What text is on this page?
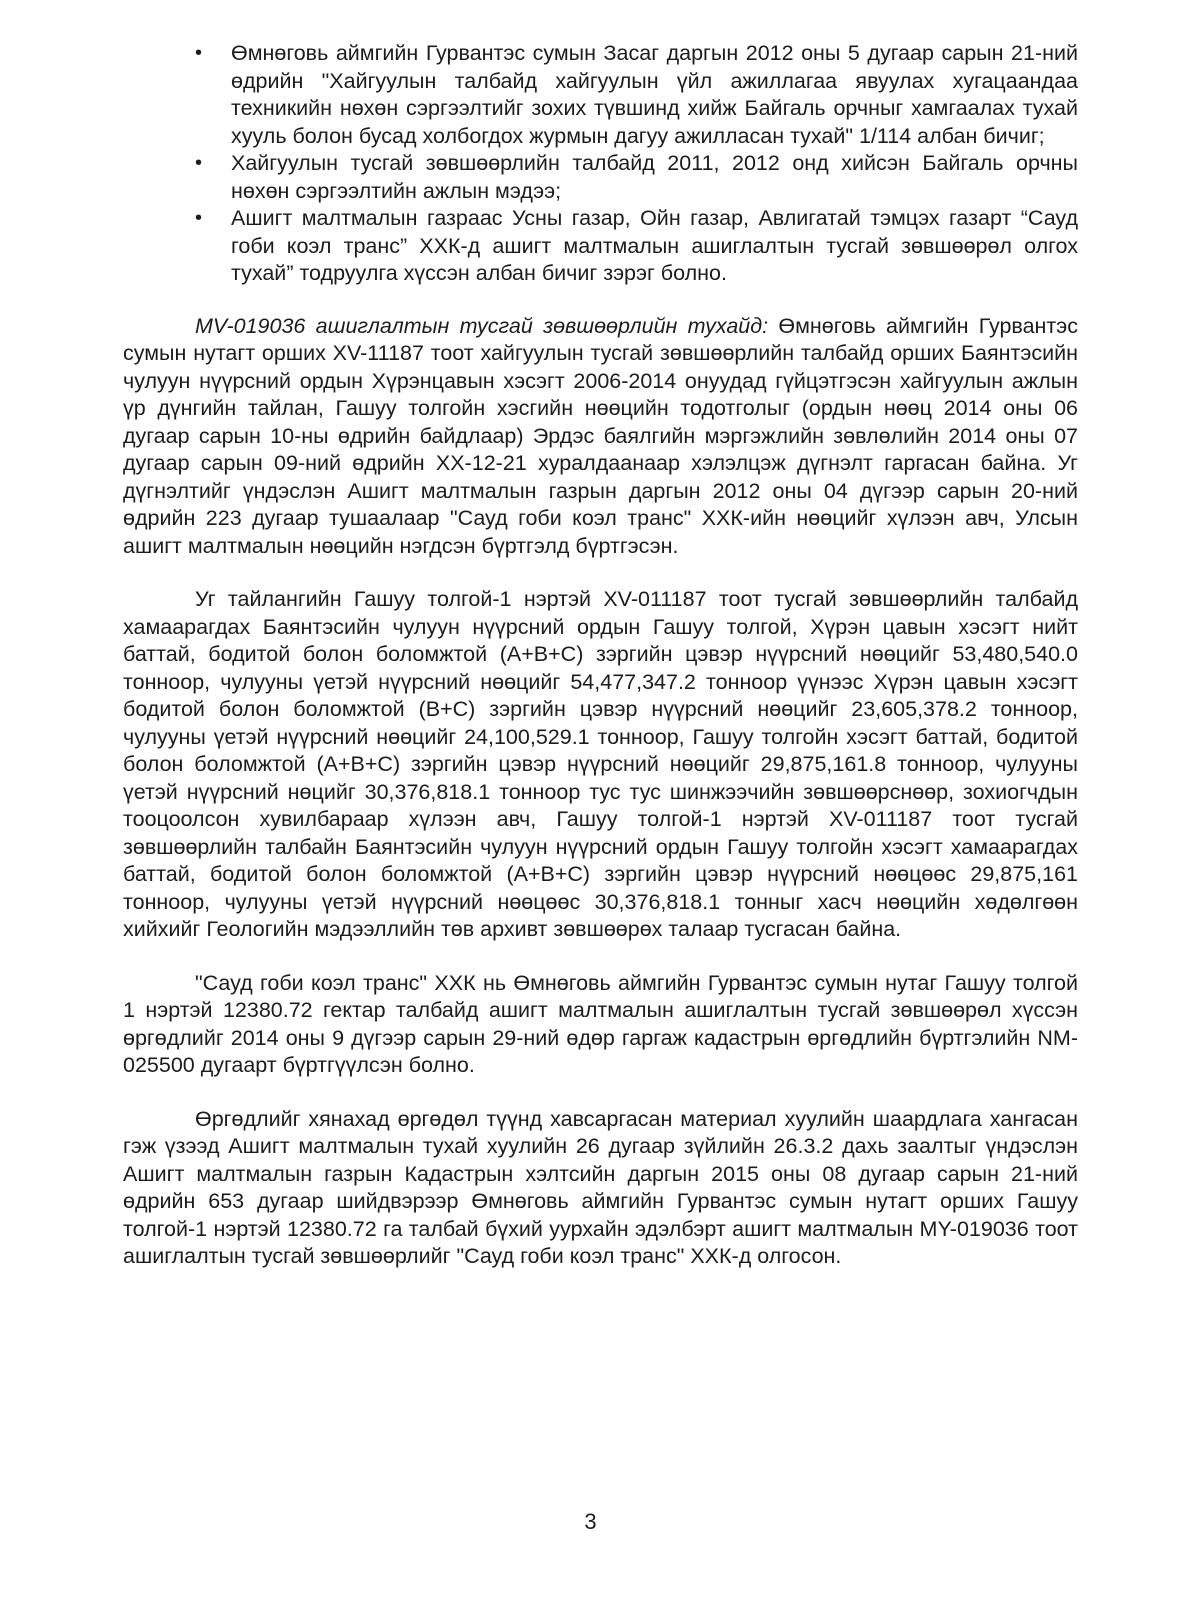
• Өмнөговь аймгийн Гурвантэс сумын Засаг даргын 2012 оны 5 дугаар сарын 21-ний өдрийн "Хайгуулын талбайд хайгуулын үйл ажиллагаа явуулах хугацаандаа техникийн нөхөн сэргээлтийг зохих түвшинд хийж Байгаль орчныг хамгаалах тухай хууль болон бусад холбогдох журмын дагуу ажилласан тухай" 1/114 албан бичиг;
• Хайгуулын тусгай зөвшөөрлийн талбайд 2011, 2012 онд хийсэн Байгаль орчны нөхөн сэргээлтийн ажлын мэдээ;
• Ашигт малтмалын газраас Усны газар, Ойн газар, Авлигатай тэмцэх газарт “Сауд гоби коэл транс” ХХК-д ашигт малтмалын ашиглалтын тусгай зөвшөөрөл олгох тухай” тодруулга хүссэн албан бичиг зэрэг болно.

MV-019036 ашиглалтын тусгай зөвшөөрлийн тухайд: Өмнөговь аймгийн Гурвантэс сумын нутагт орших XV-11187 тоот хайгуулын тусгай зөвшөөрлийн талбайд орших Баянтэсийн чулуун нүүрсний ордын Хүрэнцавын хэсэгт 2006-2014 онуудад гүйцэтгэсэн хайгуулын ажлын үр дүнгийн тайлан, Гашуу толгойн хэсгийн нөөцийн тодотголыг (ордын нөөц 2014 оны 06 дугаар сарын 10-ны өдрийн байдлаар) Эрдэс баялгийн мэргэжлийн зөвлөлийн 2014 оны 07 дугаар сарын 09-ний өдрийн XX-12-21 хуралдаанаар хэлэлцэж дүгнэлт гаргасан байна. Уг дүгнэлтийг үндэслэн Ашигт малтмалын газрын даргын 2012 оны 04 дүгээр сарын 20-ний өдрийн 223 дугаар тушаалаар "Сауд гоби коэл транс" ХХК-ийн нөөцийг хүлээн авч, Улсын ашигт малтмалын нөөцийн нэгдсэн бүртгэлд бүртгэсэн.

Уг тайлангийн Гашуу толгой-1 нэртэй XV-011187 тоот тусгай зөвшөөрлийн талбайд хамаарагдах Баянтэсийн чулуун нүүрсний ордын Гашуу толгой, Хүрэн цавын хэсэгт нийт баттай, бодитой болон боломжтой (A+B+C) зэргийн цэвэр нүүрсний нөөцийг 53,480,540.0 тонноор, чулууны үетэй нүүрсний нөөцийг 54,477,347.2 тонноор үүнээс Хүрэн цавын хэсэгт бодитой болон боломжтой (B+C) зэргийн цэвэр нүүрсний нөөцийг 23,605,378.2 тонноор, чулууны үетэй нүүрсний нөөцийг 24,100,529.1 тонноор, Гашуу толгойн хэсэгт баттай, бодитой болон боломжтой (A+B+C) зэргийн цэвэр нүүрсний нөөцийг 29,875,161.8 тонноор, чулууны үетэй нүүрсний нөцийг 30,376,818.1 тонноор тус тус шинжээчийн зөвшөөрснөөр, зохиогчдын тооцоолсон хувилбараар хүлээн авч, Гашуу толгой-1 нэртэй XV-011187 тоот тусгай зөвшөөрлийн талбайн Баянтэсийн чулуун нүүрсний ордын Гашуу толгойн хэсэгт хамаарагдах баттай, бодитой болон боломжтой (A+B+C) зэргийн цэвэр нүүрсний нөөцөөс 29,875,161 тонноор, чулууны үетэй нүүрсний нөөцөөс 30,376,818.1 тонныг хасч нөөцийн хөдөлгөөн хийхийг Геологийн мэдээллийн төв архивт зөвшөөрөх талаар тусгасан байна.

"Сауд гоби коэл транс" ХХК нь Өмнөговь аймгийн Гурвантэс сумын нутаг Гашуу толгой 1 нэртэй 12380.72 гектар талбайд ашигт малтмалын ашиглалтын тусгай зөвшөөрөл хүссэн өргөдлийг 2014 оны 9 дүгээр сарын 29-ний өдөр гаргаж кадастрын өргөдлийн бүртгэлийн NM-025500 дугаарт бүртгүүлсэн болно.

Өргөдлийг хянахад өргөдөл түүнд хавсаргасан материал хуулийн шаардлага хангасан гэж үзээд Ашигт малтмалын тухай хуулийн 26 дугаар зүйлийн 26.3.2 дахь заалтыг үндэслэн Ашигт малтмалын газрын Кадастрын хэлтсийн даргын 2015 оны 08 дугаар сарын 21-ний өдрийн 653 дугаар шийдвэрээр Өмнөговь аймгийн Гурвантэс сумын нутагт орших Гашуу толгой-1 нэртэй 12380.72 га талбай бүхий уурхайн эдэлбэрт ашигт малтмалын MY-019036 тоот ашиглалтын тусгай зөвшөөрлийг "Сауд гоби коэл транс" ХХК-д олгосон.

3
